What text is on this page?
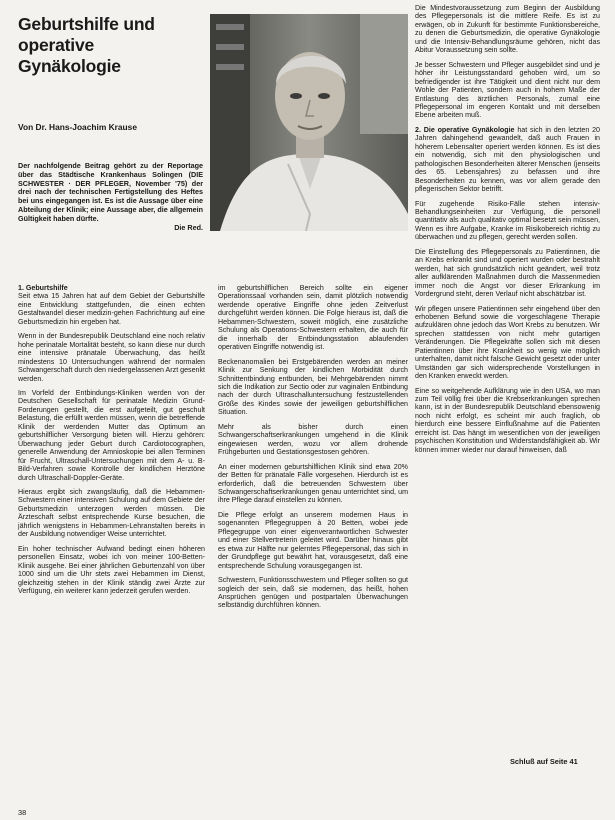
Geburtshilfe und
operative
Gynäkologie
Von Dr. Hans-Joachim Krause
Der nachfolgende Beitrag gehört zu der Reportage über das Städtische Krankenhaus Solingen (DIE SCHWESTER · DER PFLEGER, November '75) der drei nach der technischen Fertigstellung des Heftes bei uns eingegangen ist. Es ist die Aussage über eine Abteilung der Klinik; eine Aussage aber, die allgemein Gültigkeit haben dürfte.
Die Red.

1. Geburtshilfe
Seit etwa 15 Jahren hat auf dem Gebiet der Geburtshilfe eine Entwicklung stattgefunden, die einen echten Gestaltwandel dieser medizin-gehen Fachrichtung auf eine Geburtsmedizin hin ergeben hat.

Wenn in der Bundesrepublik Deutschland eine noch relativ hohe perinatale Mortalität besteht, so kann diese nur durch eine intensive pränatale Überwachung, das heißt mindestens 10 Untersuchungen während der normalen Schwangerschaft durch den niedergelassenen Arzt gesenkt werden.

Im Vorfeld der Entbindungs-Kliniken werden von der Deutschen Gesellschaft für perinatale Medizin Grund-Forderungen gestellt, die erst aufgeteilt, gut geschult Belastung, die erfüllt werden müssen, wenn die betreffende Klinik der werdenden Mutter das Optimum an geburtshilflicher Versorgung bieten will. Hierzu gehören: Überwachung jeder Geburt durch Cardiotocographen, generelle Anwendung der Amnioskopie bei allen Terminen für Frucht, Ultraschall-Untersuchungen mit dem A- u. B-Bild-Verfahren sowie Kontrolle der kindlichen Herztöne durch Ultraschall-Doppler-Geräte.

Hieraus ergibt sich zwangsläufig, daß die Hebammen-Schwestern einer intensiven Schulung auf dem Gebiete der Geburtsmedizin unterzogen werden müssen. Die Ärzteschaft selbst entsprechende Kurse besuchen, die jährlich wenigstens in Hebammen-Lehranstalten bereits in der Ausbildung notwendiger Weise unterrichtet.

Ein hoher technischer Aufwand bedingt einen höheren personellen Einsatz, wobei ich von meiner 100-Betten-Klinik ausgehe. Bei einer jährlichen Geburtenzahl von über 1000 sind um die Uhr stets zwei Hebammen im Dienst, gleichzeitig stehen in der Klinik ständig zwei Ärzte zur Verfügung, ein weiterer kann jederzeit gerufen werden.

im geburtshilflichen Bereich sollte ein eigener Operationssaal vorhanden sein, damit plötzlich notwendig werdende operative Eingriffe ohne jeden Zeitverlust durchgeführt werden können. Die Folge hieraus ist, daß die Hebammen-Schwestern, soweit möglich, eine zusätzliche Schulung als Operations-Schwestern erhalten, die auch für die innerhalb der Entbindungsstation ablaufenden operativen Eingriffe notwendig ist.

Beckenanomalien bei Erstgebärenden werden an meiner Klinik zur Senkung der kindlichen Morbidität durch Schnittentbindung entbunden, bei Mehrgebärenden nimmt sich die Indikation zur Sectio oder zur vaginalen Entbindung nach der durch Ultraschalluntersuchung festzustellenden Größe des Kindes sowie der jeweiligen geburtshilflichen Situation.

Mehr als bisher durch einen Schwangerschaftserkrankungen umgehend in die Klinik eingewiesen werden, wozu vor allem drohende Frühgeburten und Gestationsgestosen gehören.

An einer modernen geburtshilflichen Klinik sind etwa 20% der Betten für pränatale Fälle vorgesehen. Hierdurch ist es erforderlich, daß die betreuenden Schwestern über Schwangerschaftserkrankungen genau unterrichtet sind, um ihre Pflege darauf einstellen zu können.

Die Pflege erfolgt an unserem modernen Haus in sogenannten Pflegegruppen à 20 Betten, wobei jede Pflegegruppe von einer eigenverantwortlichen Schwester und einer Stellvertreterin geleitet wird. Darüber hinaus gibt es etwa zur Hälfte nur gelerntes Pflegepersonal, das sich in der Grundpflege gut bewährt hat, vorausgesetzt, daß eine entsprechende Schulung vorausgegangen ist.

Schwestern, Funktionsschwestern und Pfleger sollten so gut sogleich der sein, daß sie modernen, das heißt, hohen Ansprüchen genügen und postpartalen Überwachungen selbständig durchführen können.

Die Mindestvoraussetzung zum Beginn der Ausbildung des Pflegepersonals ist die mittlere Reife. Es ist zu erwägen, ob in Zukunft für bestimmte Funktionsbereiche, zu denen die Geburtsmedizin, die operative Gynäkologie und die Intensiv-Behandlungsräume gehören, nicht das Abitur Voraussetzung sein sollte.

Je besser Schwestern und Pfleger ausgebildet sind und je höher ihr Leistungsstandard gehoben wird, um so befriedigender ist ihre Tätigkeit und dient nicht nur dem Wohle der Patienten, sondern auch in hohem Maße der Entlastung des ärztlichen Personals, zumal eine Pflegepersonal im engeren Kontakt und mit derselben Ebene arbeiten muß.

2. Die operative Gynäkologie hat sich in den letzten 20 Jahren dahingehend gewandelt, daß auch Frauen in höherem Lebensalter operiert werden können. Es ist dies ein notwendig, sich mit den physiologischen und pathologischen Besonderheiten älterer Menschen (jenseits des 65. Lebensjahres) zu befassen und ihre Besonderheiten zu kennen, was vor allem gerade den pflegerischen Sektor betrifft.

Für zugehende Risiko-Fälle stehen intensiv-Behandlungseinheiten zur Verfügung, die personell quantitativ als auch qualitativ optimal besetzt sein müssen, Wenn es ihre Aufgabe, Kranke im Risikobereich richtig zu überwachen und zu pflegen, gerecht werden sollen.

Die Einstellung des Pflegepersonals zu Patientinnen, die an Krebs erkrankt sind und operiert wurden oder bestrahlt werden, hat sich grundsätzlich nicht geändert, weil trotz aller aufklärenden Maßnahmen durch die Massenmedien immer noch die Angst vor dieser Erkrankung im Vordergrund steht, deren Verlauf nicht abschätzbar ist.

Wir pflegen unsere Patientinnen sehr eingehend über den erhobenen Befund sowie die vorgeschlagene Therapie aufzuklären ohne jedoch das Wort Krebs zu benutzen. Wir sprechen stattdessen von nicht mehr gutartigen Veränderungen. Die Pflegekräfte sollen sich mit diesen Patientinnen über ihre Krankheit so wenig wie möglich unterhalten, damit nicht falsche Gewicht gesetzt oder unter Umständen gar sich widersprechende Vorstellungen in den Kranken erweckt werden.

Eine so weitgehende Aufklärung wie in den USA, wo man zum Teil völlig frei über die Krebserkrankungen sprechen kann, ist in der Bundesrepublik Deutschland ebensowenig noch nicht erfolgt, es scheint mir auch fraglich, ob hierdurch eine bessere Einflußnahme auf die Patienten erreicht ist. Das hängt im wesentlichen von der jeweiligen psychischen Konstitution und Widerstandsfähigkeit ab. Wir können immer wieder nur darauf hinweisen, daß

Schluß auf Seite 41
38
